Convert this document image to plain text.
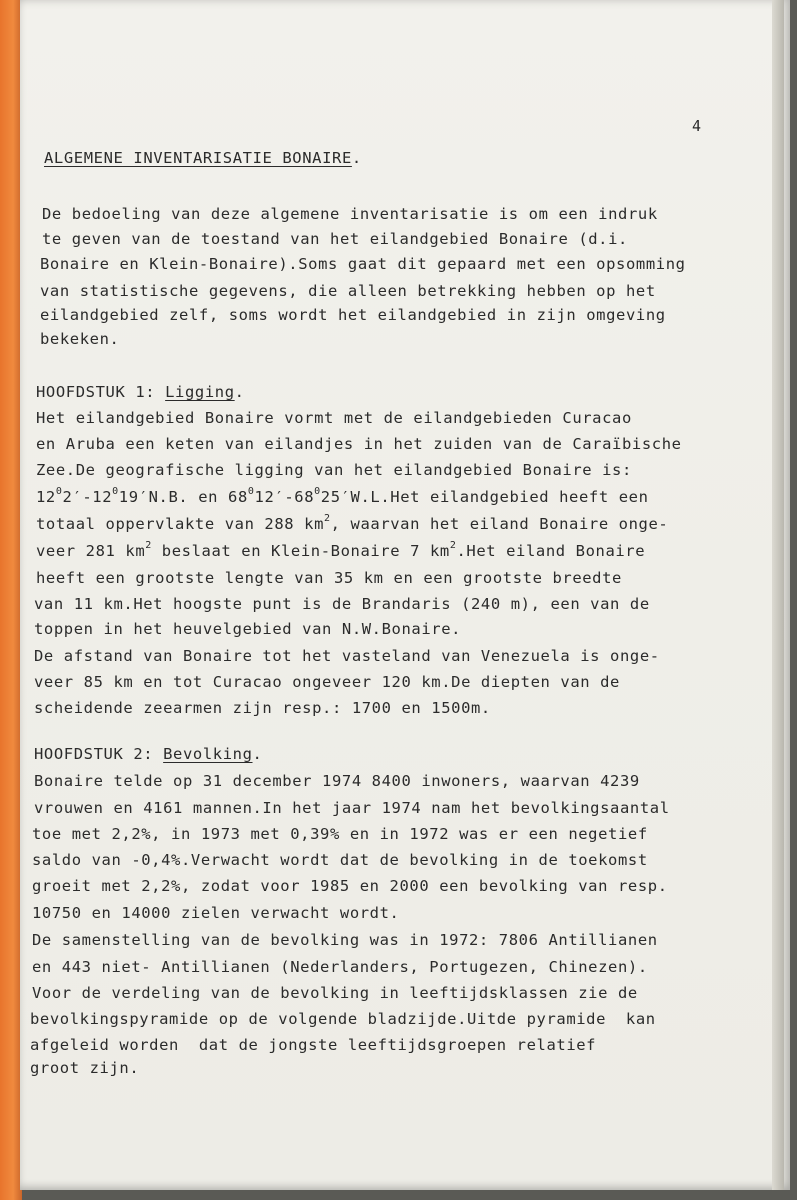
4
ALGEMENE INVENTARISATIE BONAIRE.
De bedoeling van deze algemene inventarisatie is om een indruk
te geven van de toestand van het eilandgebied Bonaire (d.i.
Bonaire en Klein-Bonaire).Soms gaat dit gepaard met een opsomming
van statistische gegevens, die alleen betrekking hebben op het
eilandgebied zelf, soms wordt het eilandgebied in zijn omgeving
bekeken.
HOOFDSTUK 1: Ligging.
Het eilandgebied Bonaire vormt met de eilandgebieden Curacao
en Aruba een keten van eilandjes in het zuiden van de Caraïbische
Zee.De geografische ligging van het eilandgebied Bonaire is:
$12^02'-12^019'N.B$. en $68^012'-68^025'W.L.Het$ eilandgebied heeft een
totaal oppervlakte van 288 $km^2$, waarvan het eiland Bonaire onge-
veer 281 $km^2$ beslaat en Klein-Bonaire 7 $km^2.Het$ eiland Bonaire
heeft een grootste lengte van 35 km en een grootste breedte
van 11 km.Het hoogste punt is de Brandaris (240 m), een van de
toppen in het heuvelgebied van N.W.Bonaire.
De afstand van Bonaire tot het vasteland van Venezuela is onge-
veer 85 km en tot Curacao ongeveer 120 km.De diepten van de
scheidende zeearmen zijn resp.: 1700 en 1500m.
HOOFDSTUK 2: Bevolking.
Bonaire telde op 31 december 1974 8400 inwoners, waarvan 4239
vrouwen en 4161 mannen.In het jaar 1974 nam het bevolkingsaantal
toe met 2,2%, in 1973 met 0,39% en in 1972 was er een negetief
saldo van -0,4%.Verwacht wordt dat de bevolking in de toekomst
groeit met 2,2%, zodat voor 1985 en 2000 een bevolking van resp.
10750 en 14000 zielen verwacht wordt.
De samenstelling van de bevolking was in 1972: 7806 Antillianen
en 443 niet- Antillianen (Nederlanders, Portugezen, Chinezen).
Voor de verdeling van de bevolking in leeftijdsklassen zie de
bevolkingspyramide op de volgende bladzijde.Uitde pyramide  kan
afgeleid worden  dat de jongste leeftijdsgroepen relatief
groot zijn.
